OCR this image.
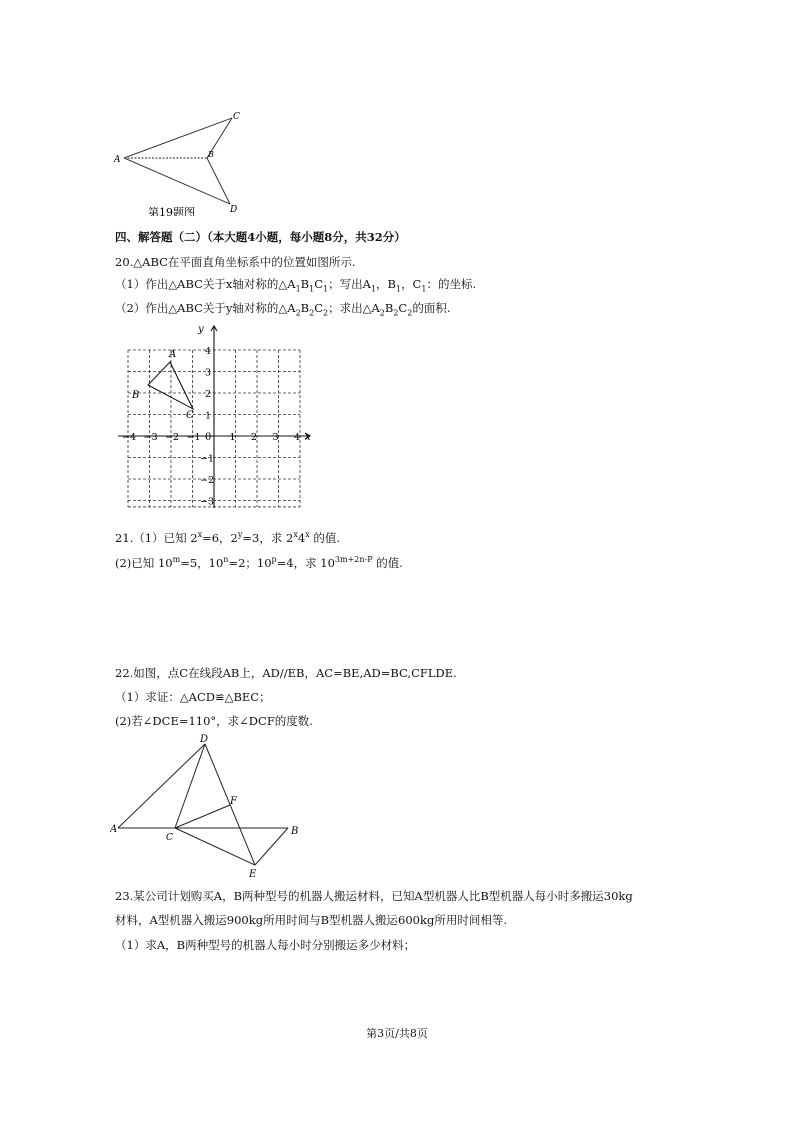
A
B
C
D
第19题图
四、解答题（二）（本大题4小题，每小题8分，共32分）
20.△ABC在平面直角坐标系中的位置如图所示.
（1）作出△ABC关于x轴对称的$\triangle A_1B_1C_1$；写出$A_1$，$B_1$，$C_1$：的坐标.
（2）作出△ABC关于y轴对称的$\triangle A_2B_2C_2$；求出$\triangle A_2B_2C_2$的面积.
y
x
0
A
B
C
−4 −3 −2 −1	1 2 3 4
1
2
3
4
−1
−2
−3
21.（1）已知 $2^x=6$，$2^y=3$，求 2$^x$4$^x$ 的值.
(2)已知 $10^m=5$，$10^n=2$；$10^p=4$，求 $10^{3m+2n-P}$ 的值.
22.如图，点C在线段AB上，AD//EB，AC=BE,AD=BC,CFLDE.
（1）求证：△ACD≌△BEC；
(2)若∠DCE=110°，求∠DCF的度数.
A	B
C
D
E
F
23.某公司计划购买A，B两种型号的机器人搬运材料，已知A型机器人比B型机器人每小时多搬运30kg
材料，A型机器入搬运900kg所用时间与B型机器人搬运600kg所用时间相等.
（1）求A，B两种型号的机器人每小时分别搬运多少材料；
第3页/共8页
